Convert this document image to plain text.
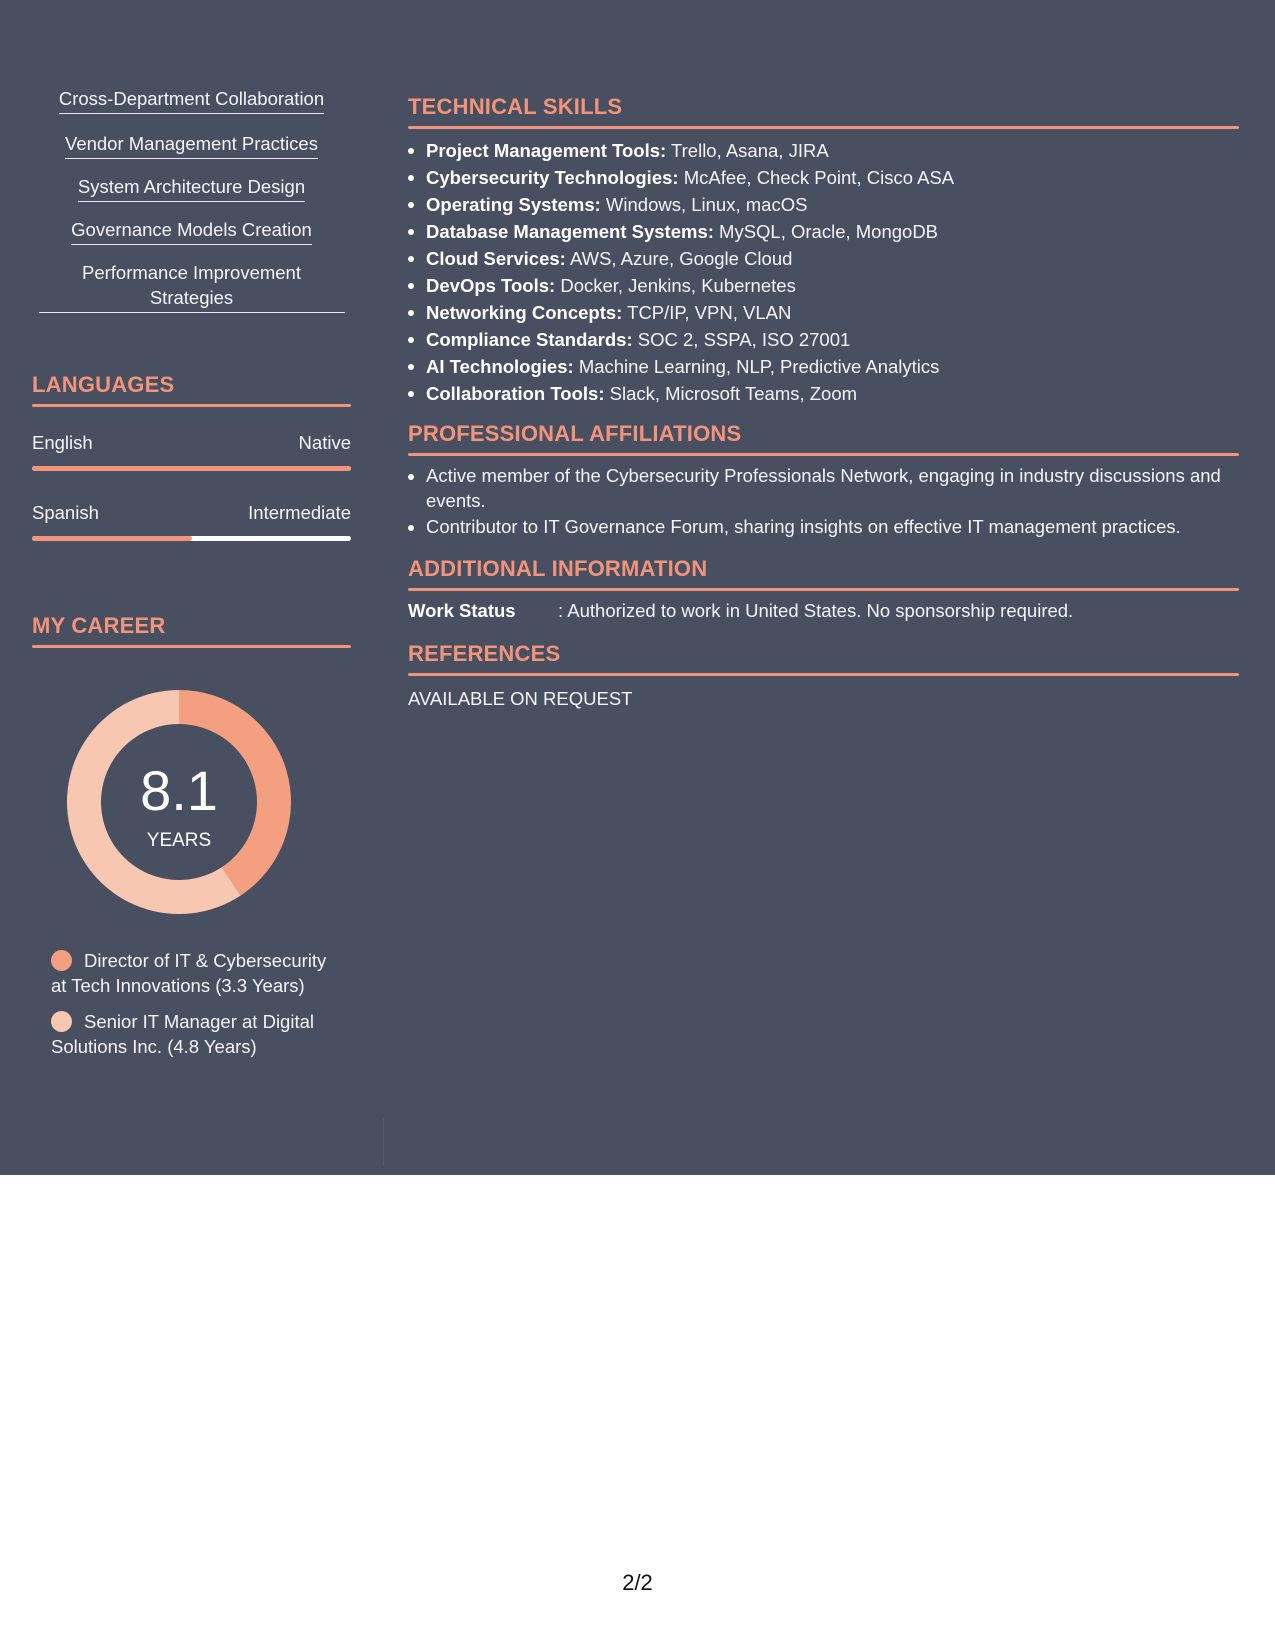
Cross-Department Collaboration
Vendor Management Practices
System Architecture Design
Governance Models Creation
Performance Improvement Strategies
LANGUAGES
English	Native
Spanish	Intermediate
MY CAREER
8.1
YEARS
Director of IT & Cybersecurity at Tech Innovations (3.3 Years)
Senior IT Manager at Digital Solutions Inc. (4.8 Years)
TECHNICAL SKILLS
Project Management Tools: Trello, Asana, JIRA
Cybersecurity Technologies: McAfee, Check Point, Cisco ASA
Operating Systems: Windows, Linux, macOS
Database Management Systems: MySQL, Oracle, MongoDB
Cloud Services: AWS, Azure, Google Cloud
DevOps Tools: Docker, Jenkins, Kubernetes
Networking Concepts: TCP/IP, VPN, VLAN
Compliance Standards: SOC 2, SSPA, ISO 27001
AI Technologies: Machine Learning, NLP, Predictive Analytics
Collaboration Tools: Slack, Microsoft Teams, Zoom
PROFESSIONAL AFFILIATIONS
Active member of the Cybersecurity Professionals Network, engaging in industry discussions and events.
Contributor to IT Governance Forum, sharing insights on effective IT management practices.
ADDITIONAL INFORMATION
Work Status	: Authorized to work in United States. No sponsorship required.
REFERENCES
AVAILABLE ON REQUEST
2/2
